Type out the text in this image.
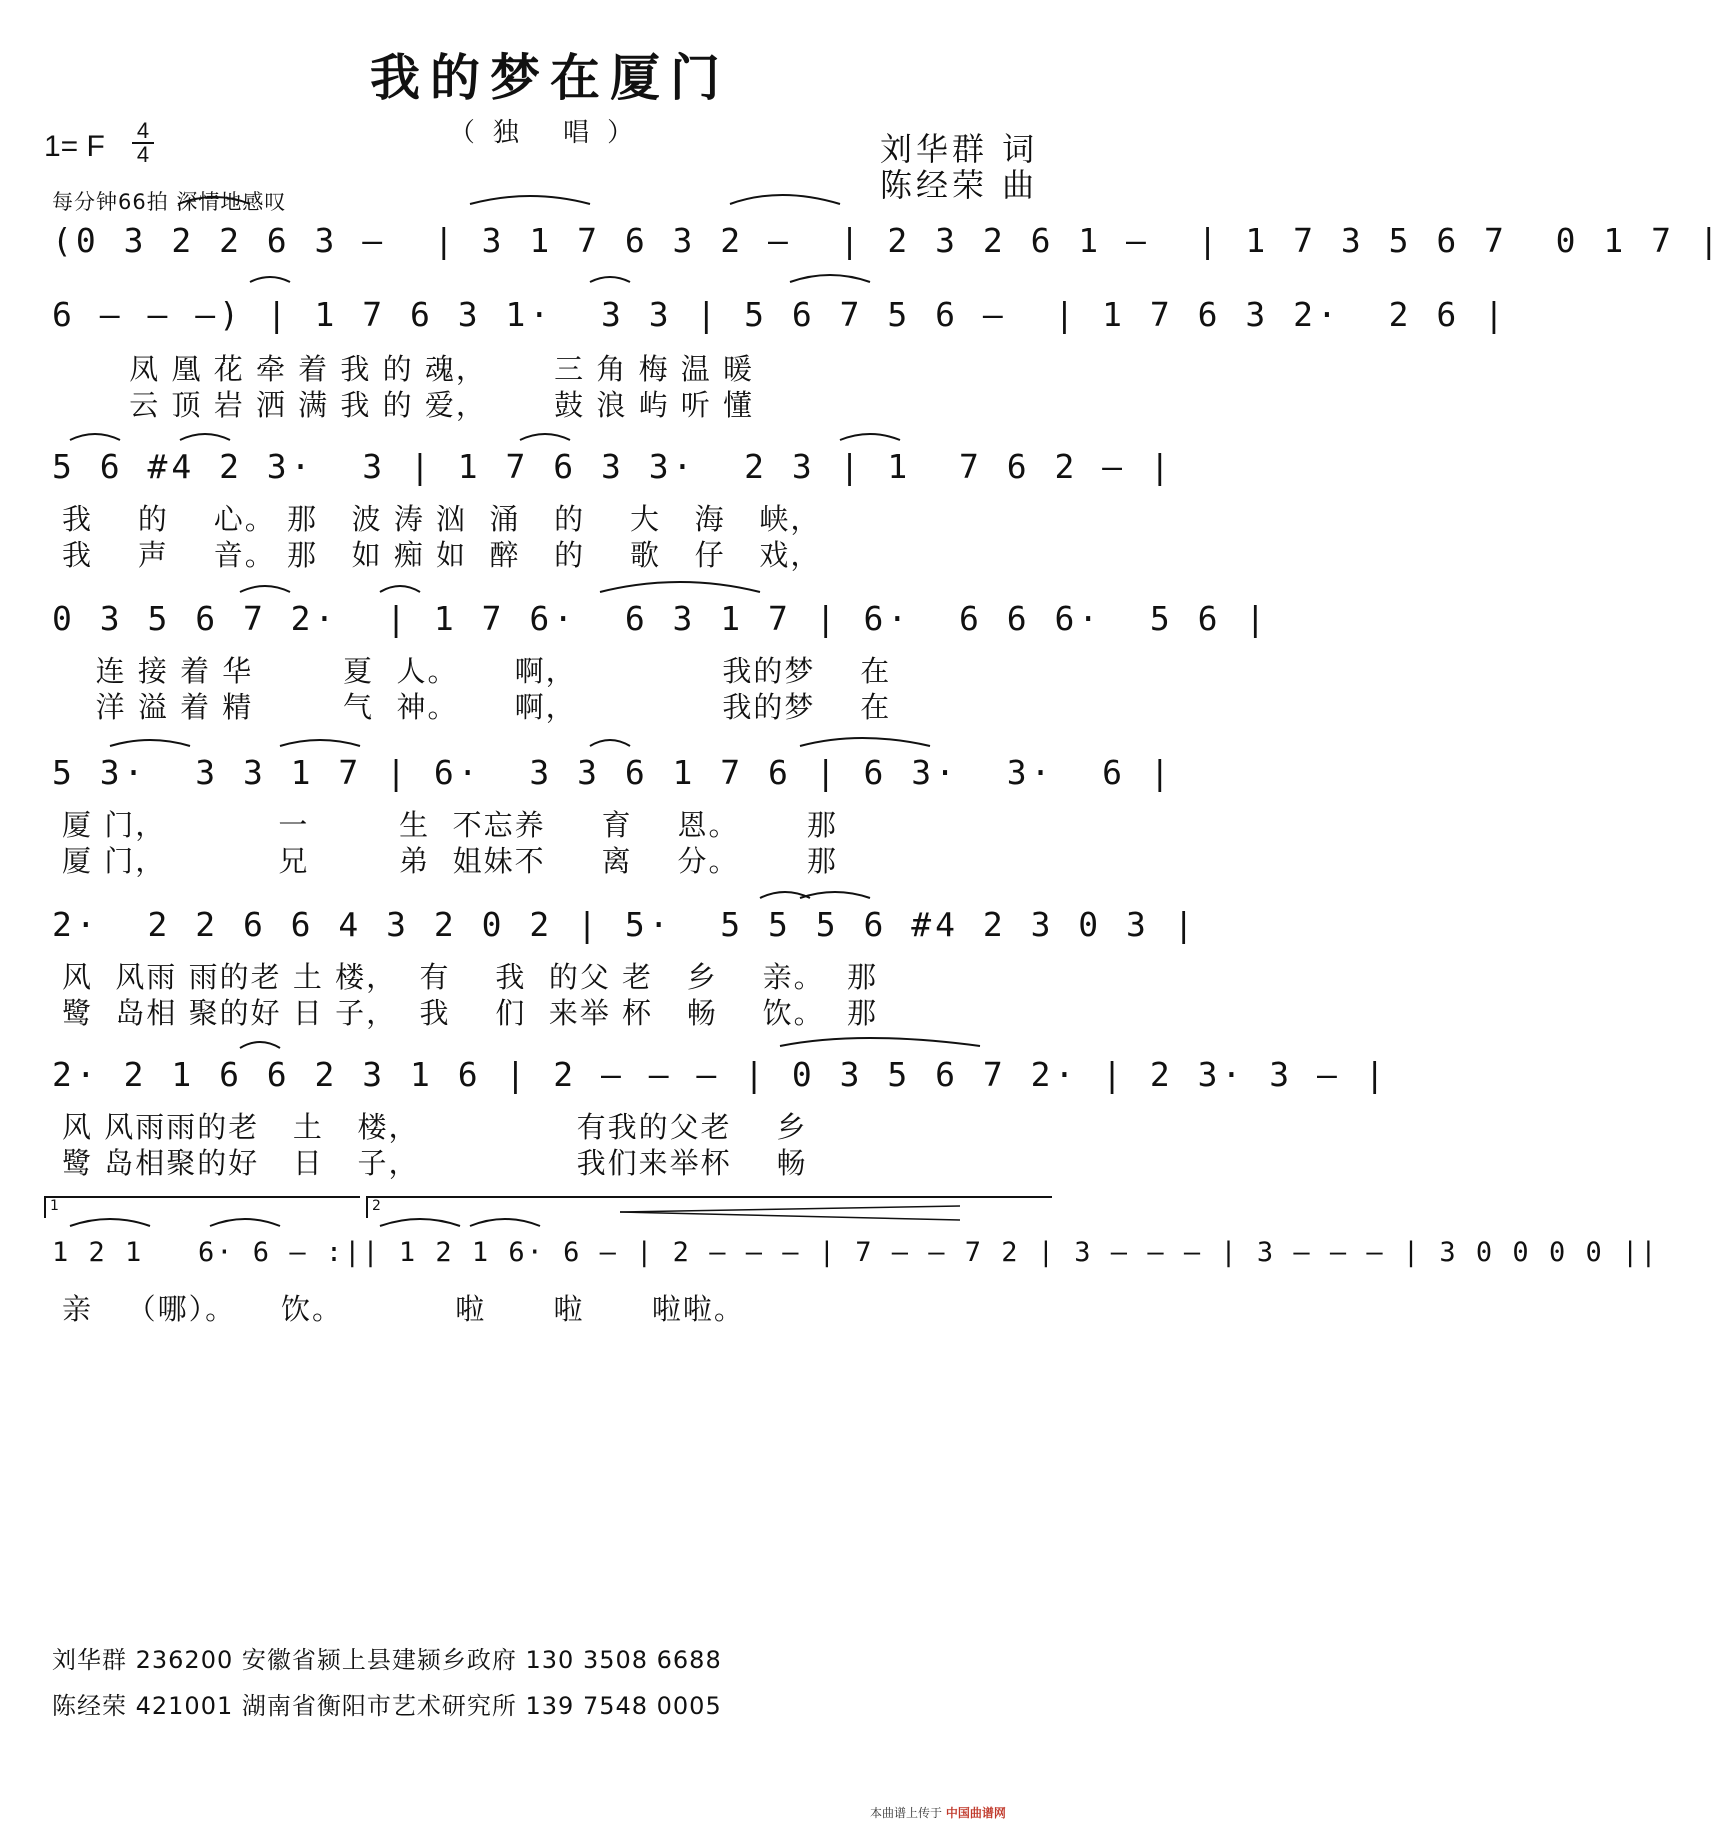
我的梦在厦门
（独 唱）
1= F 4
4
每分钟66拍 深情地感叹
刘华群 词
陈经荣 曲
(0 3 2 2 6 3 —  | 3 1 7 6 3 2 —  | 2 3 2 6 1 —  | 1 7 3 5 6 7  0 1 7 |
6 — — —) | 1 7 6 3 1·  3 3 | 5 6 7 5 6 —  | 1 7 6 3 2·  2 6 |
凤 凰 花 牵 着 我 的 魂，      三 角 梅 温 暖
云 顶 岩 洒 满 我 的 爱，      鼓 浪 屿 听 懂
5 6 #4 2 3·  3 | 1 7 6 3 3·  2 3 | 1  7 6 2 — |
我    的    心。 那   波 涛 汹  涌   的    大   海   峡，
我    声    音。 那   如 痴 如  醉   的    歌   仔   戏，
0 3 5 6 7 2·  | 1 7 6·  6 3 1 7 | 6·  6 6 6·  5 6 |
连 接 着 华        夏  人。     啊，             我的梦    在
洋 溢 着 精        气  神。     啊，             我的梦    在
5 3·  3 3 1 7 | 6·  3 3 6 1 7 6 | 6 3·  3·  6 |
厦 门，          一        生  不忘养     育    恩。      那
厦 门，          兄        弟  姐妹不     离    分。      那
2·  2 2 6 6 4 3 2 0 2 | 5·  5 5 5 6 #4 2 3 0 3 |
风  风雨 雨的老 土 楼，  有    我  的父 老   乡    亲。  那
鹭  岛相 聚的好 日 子，  我    们  来举 杯   畅    饮。  那
2· 2 1 6 6 2 3 1 6 | 2 — — — | 0 3 5 6 7 2· | 2 3· 3 — |
风 风雨雨的老   土   楼，              有我的父老    乡
鹭 岛相聚的好   日   子，              我们来举杯    畅
1	2
1 2 1   6· 6 — :|| 1 2 1 6· 6 — | 2 — — — | 7 — — 7 2 | 3 — — — | 3 — — — | 3 0 0 0 0 ||
亲   （哪）。    饮。          啦      啦      啦啦。
刘华群 236200 安徽省颍上县建颍乡政府 130 3508 6688
陈经荣 421001 湖南省衡阳市艺术研究所 139 7548 0005
本曲谱上传于 中国曲谱网
